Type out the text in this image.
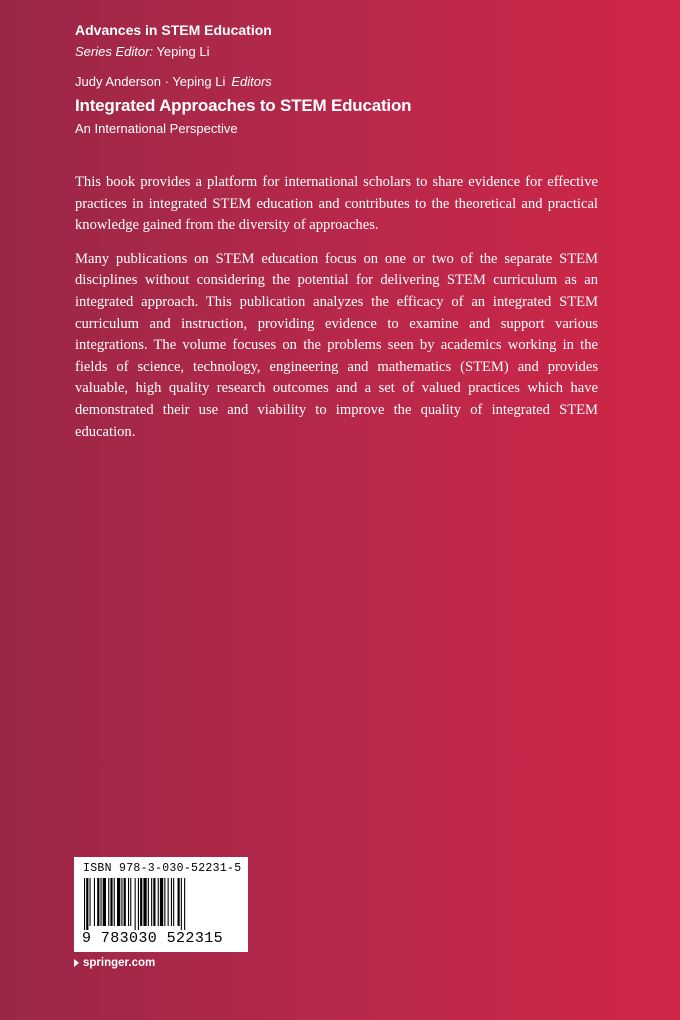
Advances in STEM Education
Series Editor: Yeping Li
Judy Anderson · Yeping Li Editors
Integrated Approaches to STEM Education
An International Perspective

This book provides a platform for international scholars to share evidence for effective practices in integrated STEM education and contributes to the theoretical and practical knowledge gained from the diversity of approaches.

Many publications on STEM education focus on one or two of the separate STEM disciplines without considering the potential for delivering STEM curriculum as an integrated approach. This publication analyzes the efficacy of an integrated STEM curriculum and instruction, providing evidence to examine and support various integrations. The volume focuses on the problems seen by academics working in the fields of science, technology, engineering and mathematics (STEM) and provides valuable, high quality research outcomes and a set of valued practices which have demonstrated their use and viability to improve the quality of integrated STEM education.

ISBN 978-3-030-52231-5
9 783030 522315
springer.com
